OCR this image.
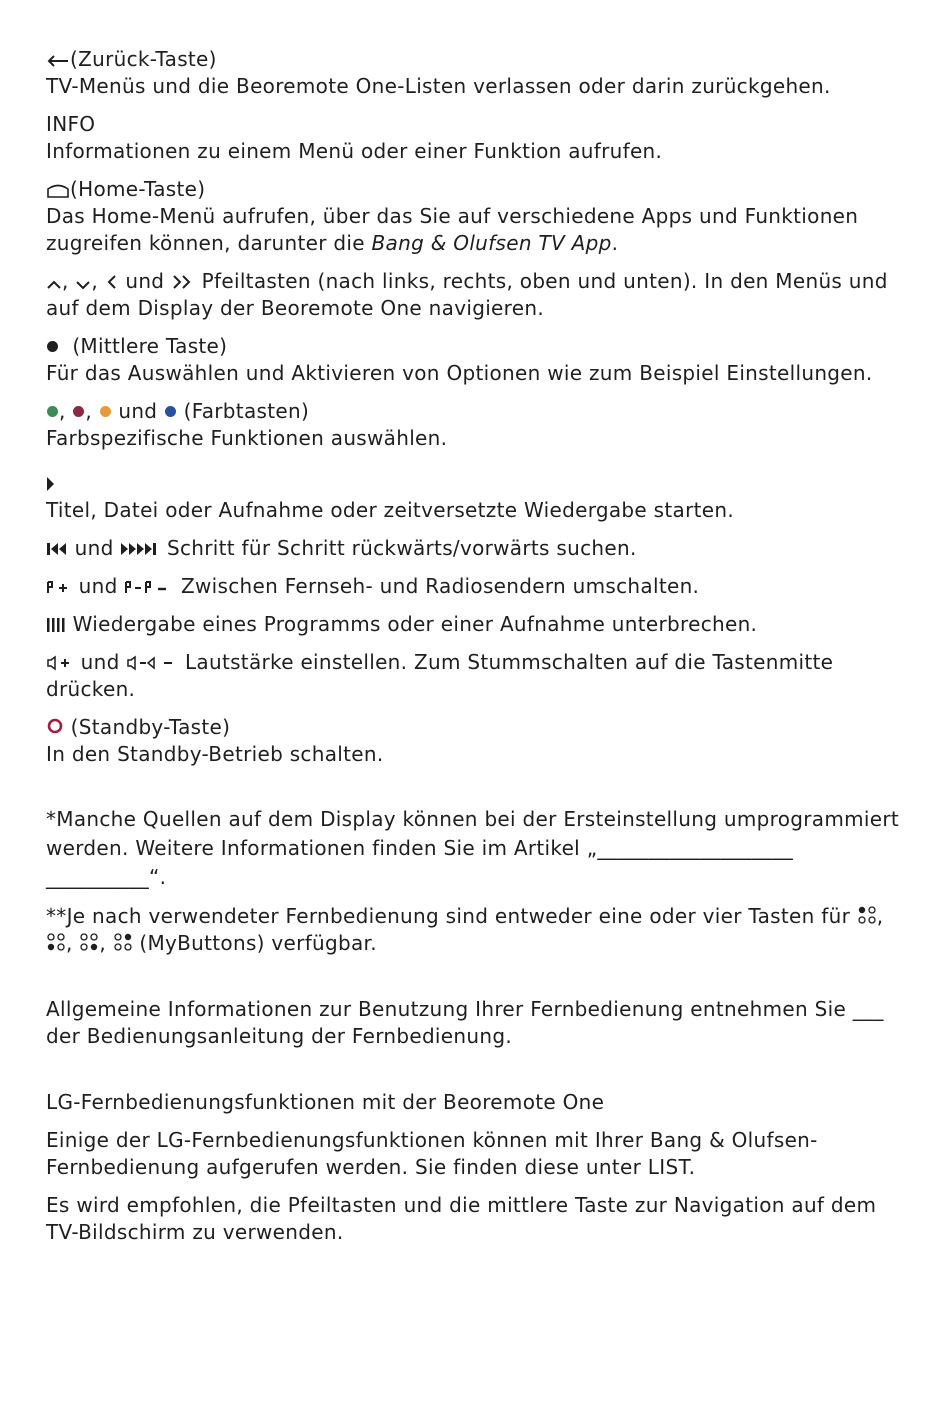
(Zurück-Taste)
TV-Menüs und die Beoremote One-Listen verlassen oder darin zurückgehen.
INFO
Informationen zu einem Menü oder einer Funktion aufrufen.
(Home-Taste)
Das Home-Menü aufrufen, über das Sie auf verschiedene Apps und Funktionen
zugreifen können, darunter die Bang & Olufsen TV App.
, , und Pfeiltasten (nach links, rechts, oben und unten). In den Menüs und
auf dem Display der Beoremote One navigieren.
(Mittlere Taste)
Für das Auswählen und Aktivieren von Optionen wie zum Beispiel Einstellungen.
, , und (Farbtasten)
Farbspezifische Funktionen auswählen.
Titel, Datei oder Aufnahme oder zeitversetzte Wiedergabe starten.
und	Schritt für Schritt rückwärts/vorwärts suchen.
und	Zwischen Fernseh- und Radiosendern umschalten.
Wiedergabe eines Programms oder einer Aufnahme unterbrechen.
und	Lautstärke einstellen. Zum Stummschalten auf die Tastenmitte
drücken.
(Standby-Taste)
In den Standby-Betrieb schalten.
*Manche Quellen auf dem Display können bei der Ersteinstellung umprogrammiert
werden. Weitere Informationen finden Sie im Artikel „___________________
__________“.
**Je nach verwendeter Fernbedienung sind entweder eine oder vier Tasten für ,
, , (MyButtons) verfügbar.
Allgemeine Informationen zur Benutzung Ihrer Fernbedienung entnehmen Sie ___
der Bedienungsanleitung der Fernbedienung.
LG-Fernbedienungsfunktionen mit der Beoremote One
Einige der LG-Fernbedienungsfunktionen können mit Ihrer Bang & Olufsen-
Fernbedienung aufgerufen werden. Sie finden diese unter LIST.
Es wird empfohlen, die Pfeiltasten und die mittlere Taste zur Navigation auf dem
TV-Bildschirm zu verwenden.
